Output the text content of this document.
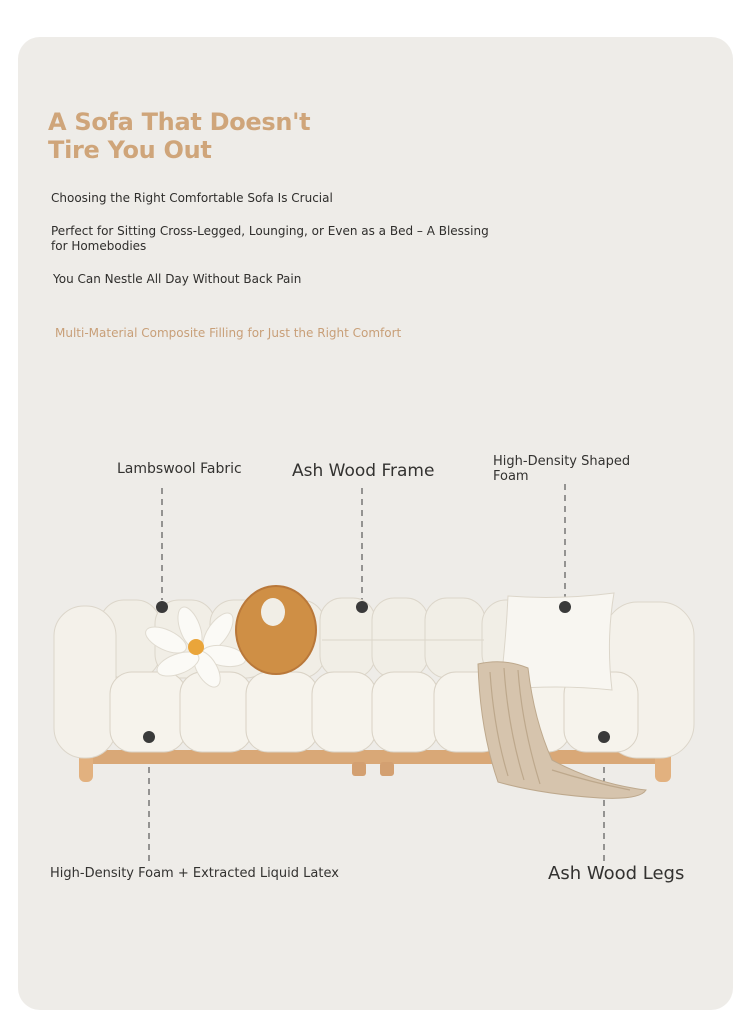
A Sofa That Doesn't Tire You Out

Choosing the Right Comfortable Sofa Is Crucial

Perfect for Sitting Cross-Legged, Lounging, or Even as a Bed – A Blessing for Homebodies

You Can Nestle All Day Without Back Pain

Multi-Material Composite Filling for Just the Right Comfort

Lambswool Fabric	Ash Wood Frame	High-Density Shaped Foam
High-Density Foam + Extracted Liquid Latex	Ash Wood Legs
